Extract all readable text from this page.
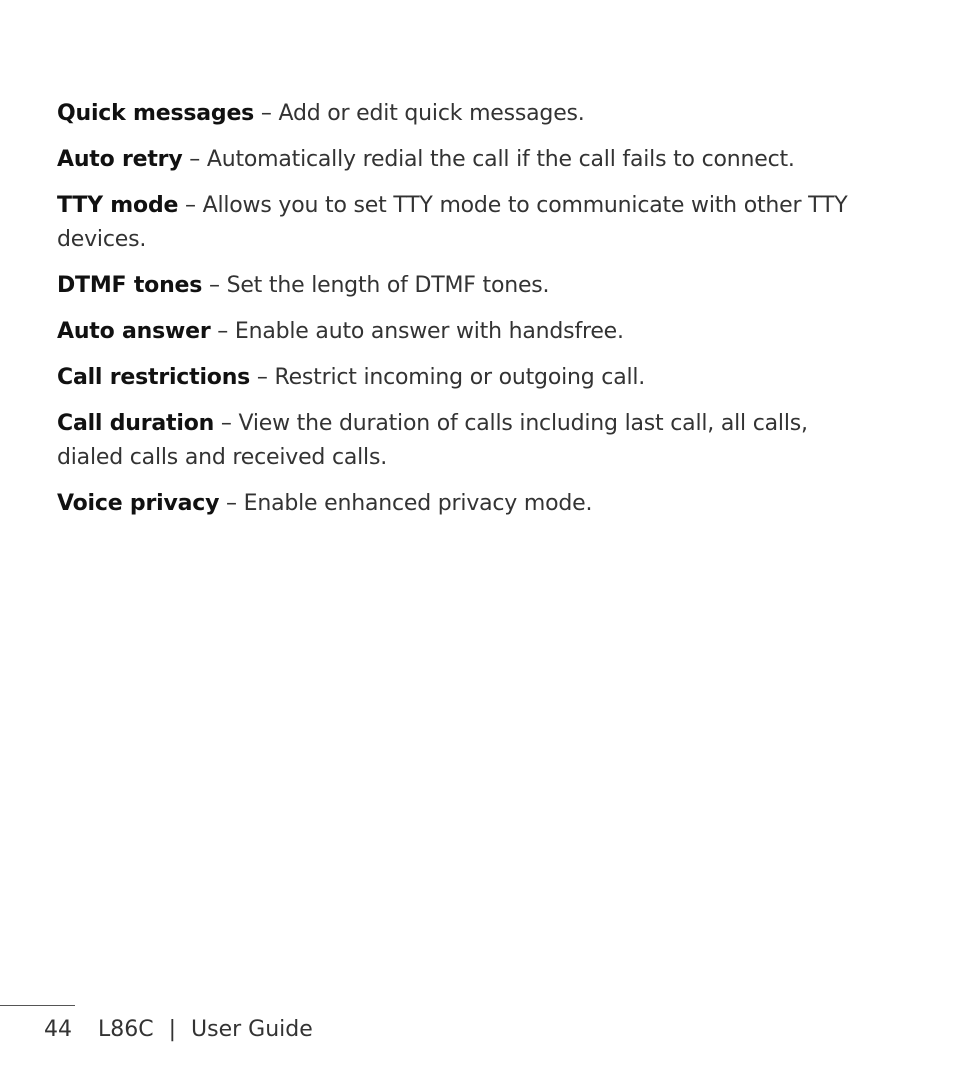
Quick messages – Add or edit quick messages.

Auto retry – Automatically redial the call if the call fails to connect.

TTY mode – Allows you to set TTY mode to communicate with other TTY devices.

DTMF tones – Set the length of DTMF tones.

Auto answer – Enable auto answer with handsfree.

Call restrictions – Restrict incoming or outgoing call.

Call duration – View the duration of calls including last call, all calls, dialed calls and received calls.

Voice privacy – Enable enhanced privacy mode.

44 L86C | User Guide
